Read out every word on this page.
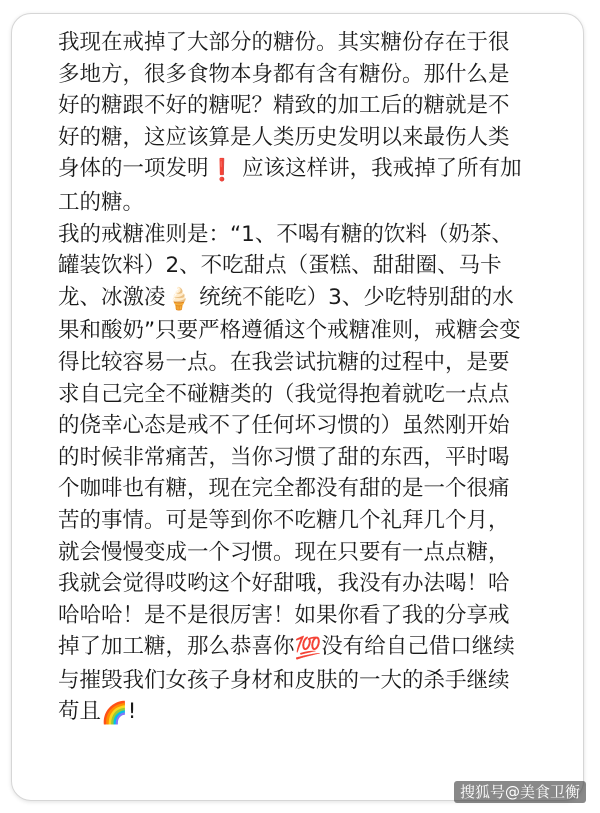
我现在戒掉了大部分的糖份。其实糖份存在于很
多地方，很多食物本身都有含有糖份。那什么是
好的糖跟不好的糖呢？精致的加工后的糖就是不
好的糖，这应该算是人类历史发明以来最伤人类
身体的一项发明❗ 应该这样讲，我戒掉了所有加
工的糖。
我的戒糖准则是：“1、不喝有糖的饮料（奶茶、
罐装饮料）2、不吃甜点（蛋糕、甜甜圈、马卡
龙、冰激凌🍦 统统不能吃）3、少吃特别甜的水
果和酸奶”只要严格遵循这个戒糖准则，戒糖会变
得比较容易一点。在我尝试抗糖的过程中，是要
求自己完全不碰糖类的（我觉得抱着就吃一点点
的侥幸心态是戒不了任何坏习惯的）虽然刚开始
的时候非常痛苦，当你习惯了甜的东西，平时喝
个咖啡也有糖，现在完全都没有甜的是一个很痛
苦的事情。可是等到你不吃糖几个礼拜几个月，
就会慢慢变成一个习惯。现在只要有一点点糖，
我就会觉得哎哟这个好甜哦，我没有办法喝！哈
哈哈哈！是不是很厉害！如果你看了我的分享戒
掉了加工糖，那么恭喜你💯没有给自己借口继续
与摧毁我们女孩子身材和皮肤的一大的杀手继续
苟且🌈!
搜狐号@美食卫衡
